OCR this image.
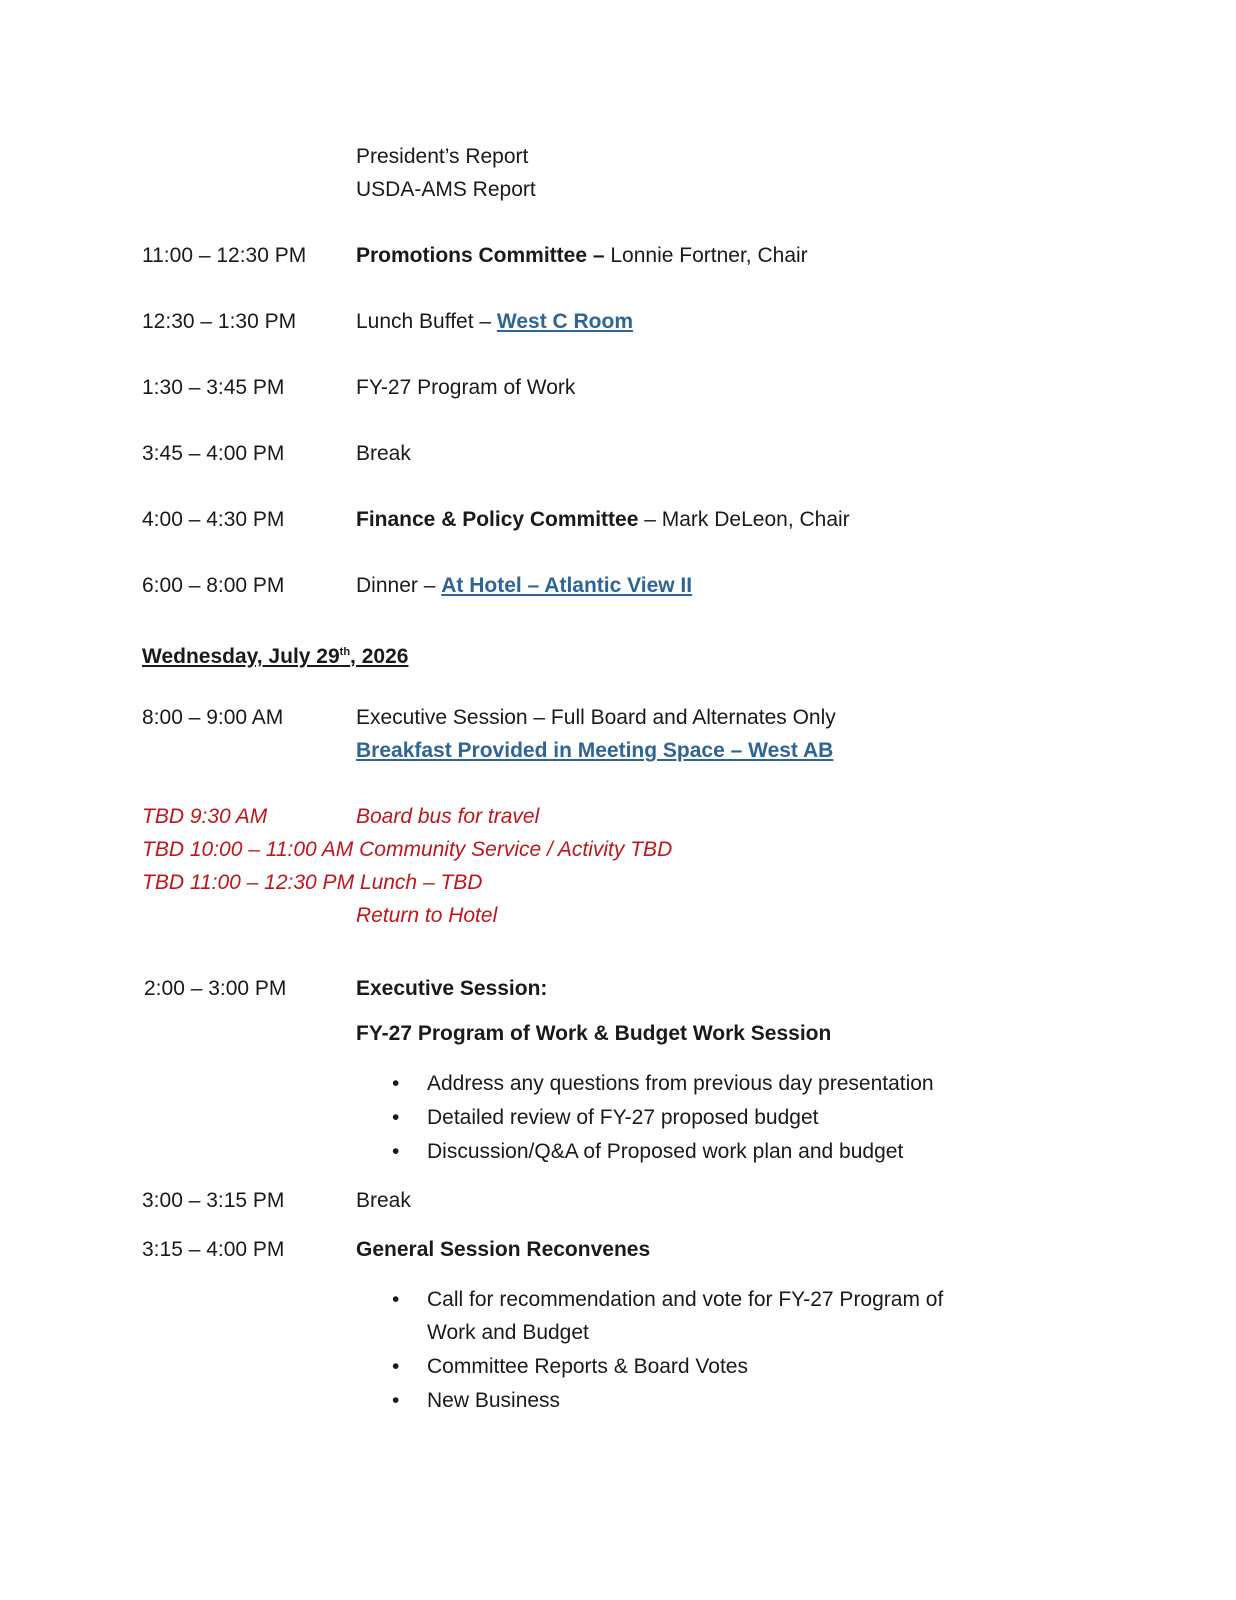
President’s Report
USDA-AMS Report
11:00 – 12:30 PM Promotions Committee – Lonnie Fortner, Chair
12:30 – 1:30 PM	Lunch Buffet – West C Room
1:30 – 3:45 PM	FY-27 Program of Work
3:45 – 4:00 PM	Break
4:00 – 4:30 PM	Finance & Policy Committee – Mark DeLeon, Chair
6:00 – 8:00 PM	Dinner – At Hotel – Atlantic View II
Wednesday, July 29th, 2026
8:00 – 9:00 AM	Executive Session – Full Board and Alternates Only
Breakfast Provided in Meeting Space – West AB
TBD 9:30 AM	Board bus for travel
TBD 10:00 – 11:00 AM Community Service / Activity TBD
TBD 11:00 – 12:30 PM Lunch – TBD
Return to Hotel
2:00 – 3:00 PM	Executive Session:
FY-27 Program of Work & Budget Work Session
• Address any questions from previous day presentation
• Detailed review of FY-27 proposed budget
• Discussion/Q&A of Proposed work plan and budget
3:00 – 3:15 PM	Break
3:15 – 4:00 PM	General Session Reconvenes
• Call for recommendation and vote for FY-27 Program of
Work and Budget
• Committee Reports & Board Votes
• New Business
